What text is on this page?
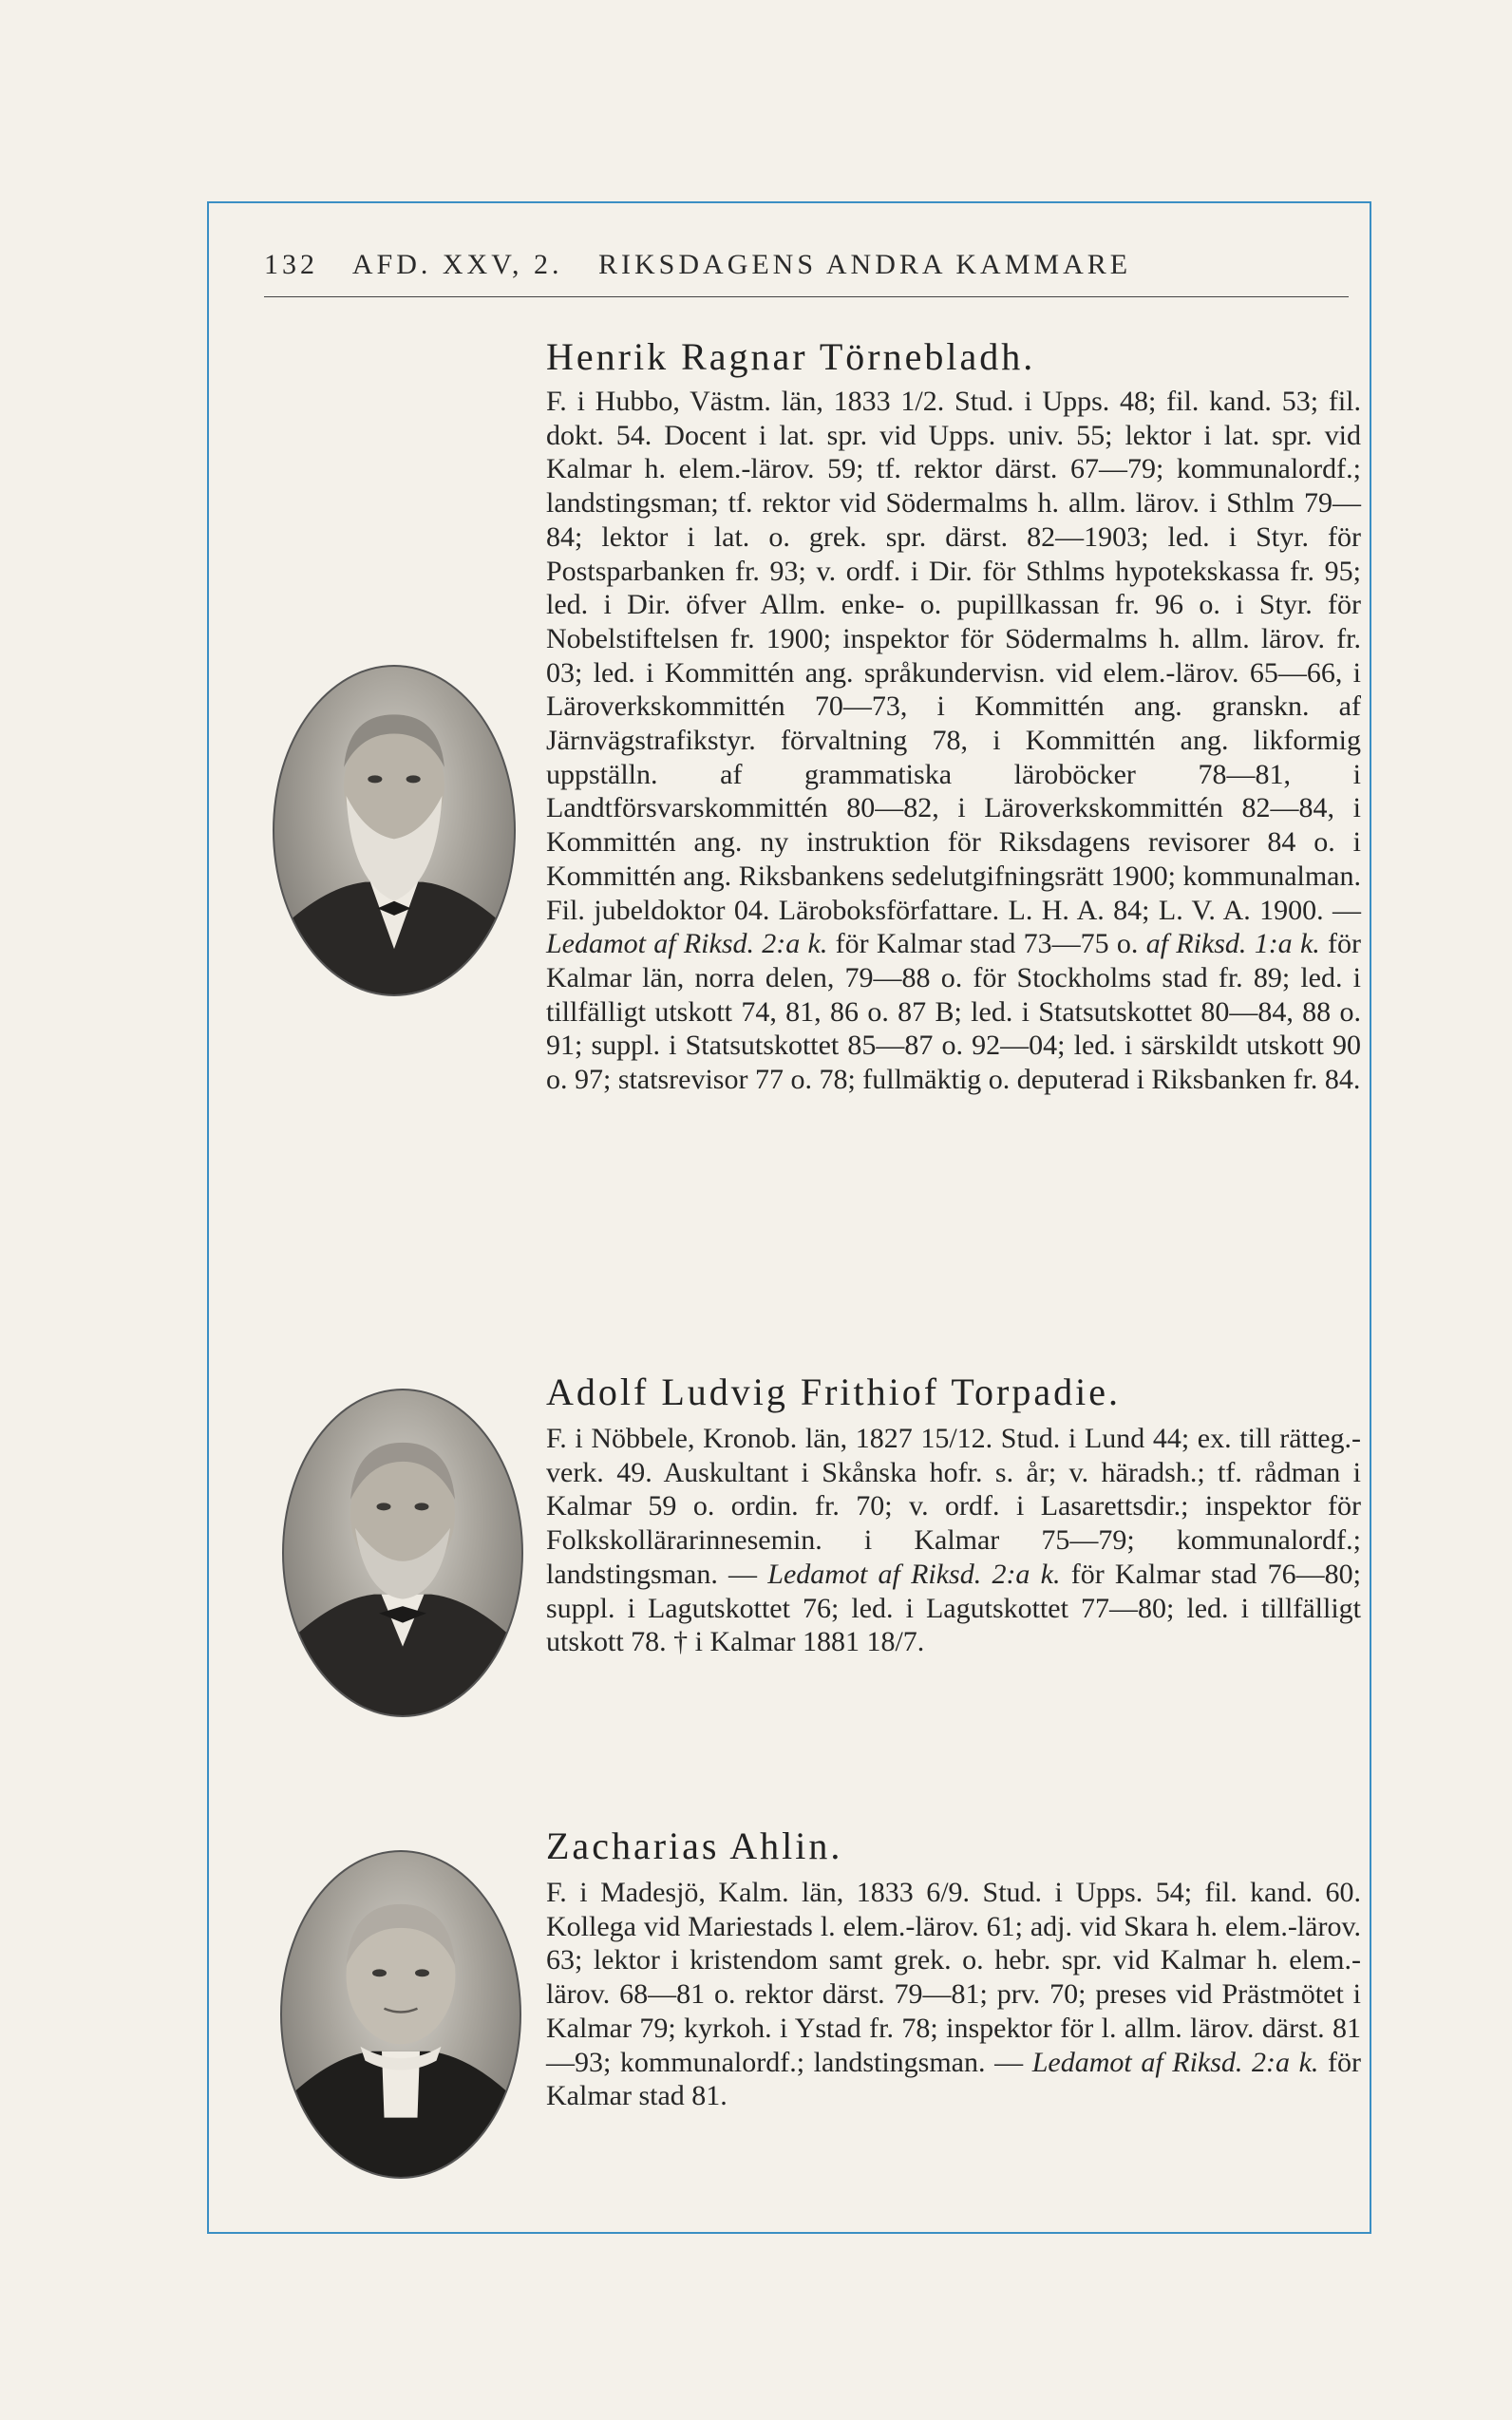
132 AFD. XXV, 2. RIKSDAGENS ANDRA KAMMARE
Henrik Ragnar Törnebladh.
F. i Hubbo, Västm. län, 1833 1/2. Stud. i Upps. 48; fil. kand. 53; fil. dokt. 54. Docent i lat. spr. vid Upps. univ. 55; lektor i lat. spr. vid Kalmar h. elem.-lärov. 59; tf. rektor därst. 67—79; kommunalordf.; landstingsman; tf. rektor vid Södermalms h. allm. lärov. i Sthlm 79—84; lektor i lat. o. grek. spr. därst. 82—1903; led. i Styr. för Postsparbanken fr. 93; v. ordf. i Dir. för Sthlms hypotekskassa fr. 95; led. i Dir. öfver Allm. enke- o. pupillkassan fr. 96 o. i Styr. för Nobelstiftelsen fr. 1900; inspektor för Södermalms h. allm. lärov. fr. 03; led. i Kommittén ang. språkundervisn. vid elem.-lärov. 65—66, i Läroverkskommittén 70—73, i Kommittén ang. granskn. af Järnvägstrafikstyr. förvaltning 78, i Kommittén ang. likformig uppställn. af grammatiska läroböcker 78—81, i Landtförsvarskommittén 80—82, i Läroverkskommittén 82—84, i Kommittén ang. ny instruktion för Riksdagens revisorer 84 o. i Kommittén ang. Riksbankens sedelutgifningsrätt 1900; kommunalman. Fil. jubeldoktor 04. Läroboksförfattare. L. H. A. 84; L. V. A. 1900. — Ledamot af Riksd. 2:a k. för Kalmar stad 73—75 o. af Riksd. 1:a k. för Kalmar län, norra delen, 79—88 o. för Stockholms stad fr. 89; led. i tillfälligt utskott 74, 81, 86 o. 87 B; led. i Statsutskottet 80—84, 88 o. 91; suppl. i Statsutskottet 85—87 o. 92—04; led. i särskildt utskott 90 o. 97; statsrevisor 77 o. 78; fullmäktig o. deputerad i Riksbanken fr. 84.
Adolf Ludvig Frithiof Torpadie.
F. i Nöbbele, Kronob. län, 1827 15/12. Stud. i Lund 44; ex. till rätteg.-verk. 49. Auskultant i Skånska hofr. s. år; v. häradsh.; tf. rådman i Kalmar 59 o. ordin. fr. 70; v. ordf. i Lasarettsdir.; inspektor för Folkskollärarinnesemin. i Kalmar 75—79; kommunalordf.; landstingsman. — Ledamot af Riksd. 2:a k. för Kalmar stad 76—80; suppl. i Lagutskottet 76; led. i Lagutskottet 77—80; led. i tillfälligt utskott 78. † i Kalmar 1881 18/7.
Zacharias Ahlin.
F. i Madesjö, Kalm. län, 1833 6/9. Stud. i Upps. 54; fil. kand. 60. Kollega vid Mariestads l. elem.-lärov. 61; adj. vid Skara h. elem.-lärov. 63; lektor i kristendom samt grek. o. hebr. spr. vid Kalmar h. elem.-lärov. 68—81 o. rektor därst. 79—81; prv. 70; preses vid Prästmötet i Kalmar 79; kyrkoh. i Ystad fr. 78; inspektor för l. allm. lärov. därst. 81—93; kommunalordf.; landstingsman. — Ledamot af Riksd. 2:a k. för Kalmar stad 81.
